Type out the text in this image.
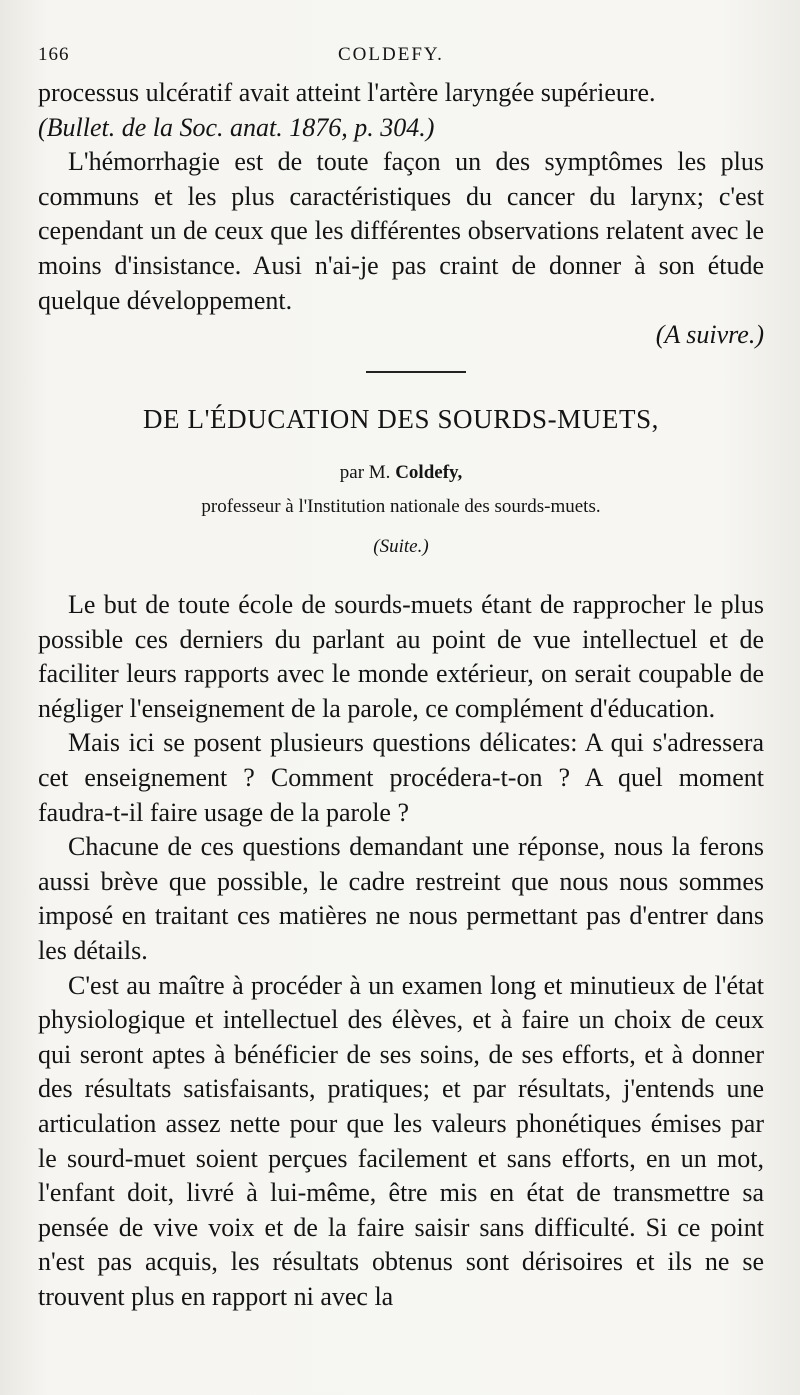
166	COLDEFY.

processus ulcératif avait atteint l'artère laryngée supérieure.

(Bullet. de la Soc. anat. 1876, p. 304.)

L'hémorrhagie est de toute façon un des symptômes les plus communs et les plus caractéristiques du cancer du larynx; c'est cependant un de ceux que les différentes observations relatent avec le moins d'insistance. Ausi n'ai-je pas craint de donner à son étude quelque développement.

(A suivre.)

DE L'ÉDUCATION DES SOURDS-MUETS,
par M. Coldefy,
professeur à l'Institution nationale des sourds-muets.
(Suite.)

Le but de toute école de sourds-muets étant de rapprocher le plus possible ces derniers du parlant au point de vue intellectuel et de faciliter leurs rapports avec le monde extérieur, on serait coupable de négliger l'enseignement de la parole, ce complément d'éducation.

Mais ici se posent plusieurs questions délicates: A qui s'adressera cet enseignement ? Comment procédera-t-on ? A quel moment faudra-t-il faire usage de la parole ?

Chacune de ces questions demandant une réponse, nous la ferons aussi brève que possible, le cadre restreint que nous nous sommes imposé en traitant ces matières ne nous permettant pas d'entrer dans les détails.

C'est au maître à procéder à un examen long et minutieux de l'état physiologique et intellectuel des élèves, et à faire un choix de ceux qui seront aptes à bénéficier de ses soins, de ses efforts, et à donner des résultats satisfaisants, pratiques; et par résultats, j'entends une articulation assez nette pour que les valeurs phonétiques émises par le sourd-muet soient perçues facilement et sans efforts, en un mot, l'enfant doit, livré à lui-même, être mis en état de transmettre sa pensée de vive voix et de la faire saisir sans difficulté. Si ce point n'est pas acquis, les résultats obtenus sont dérisoires et ils ne se trouvent plus en rapport ni avec la
